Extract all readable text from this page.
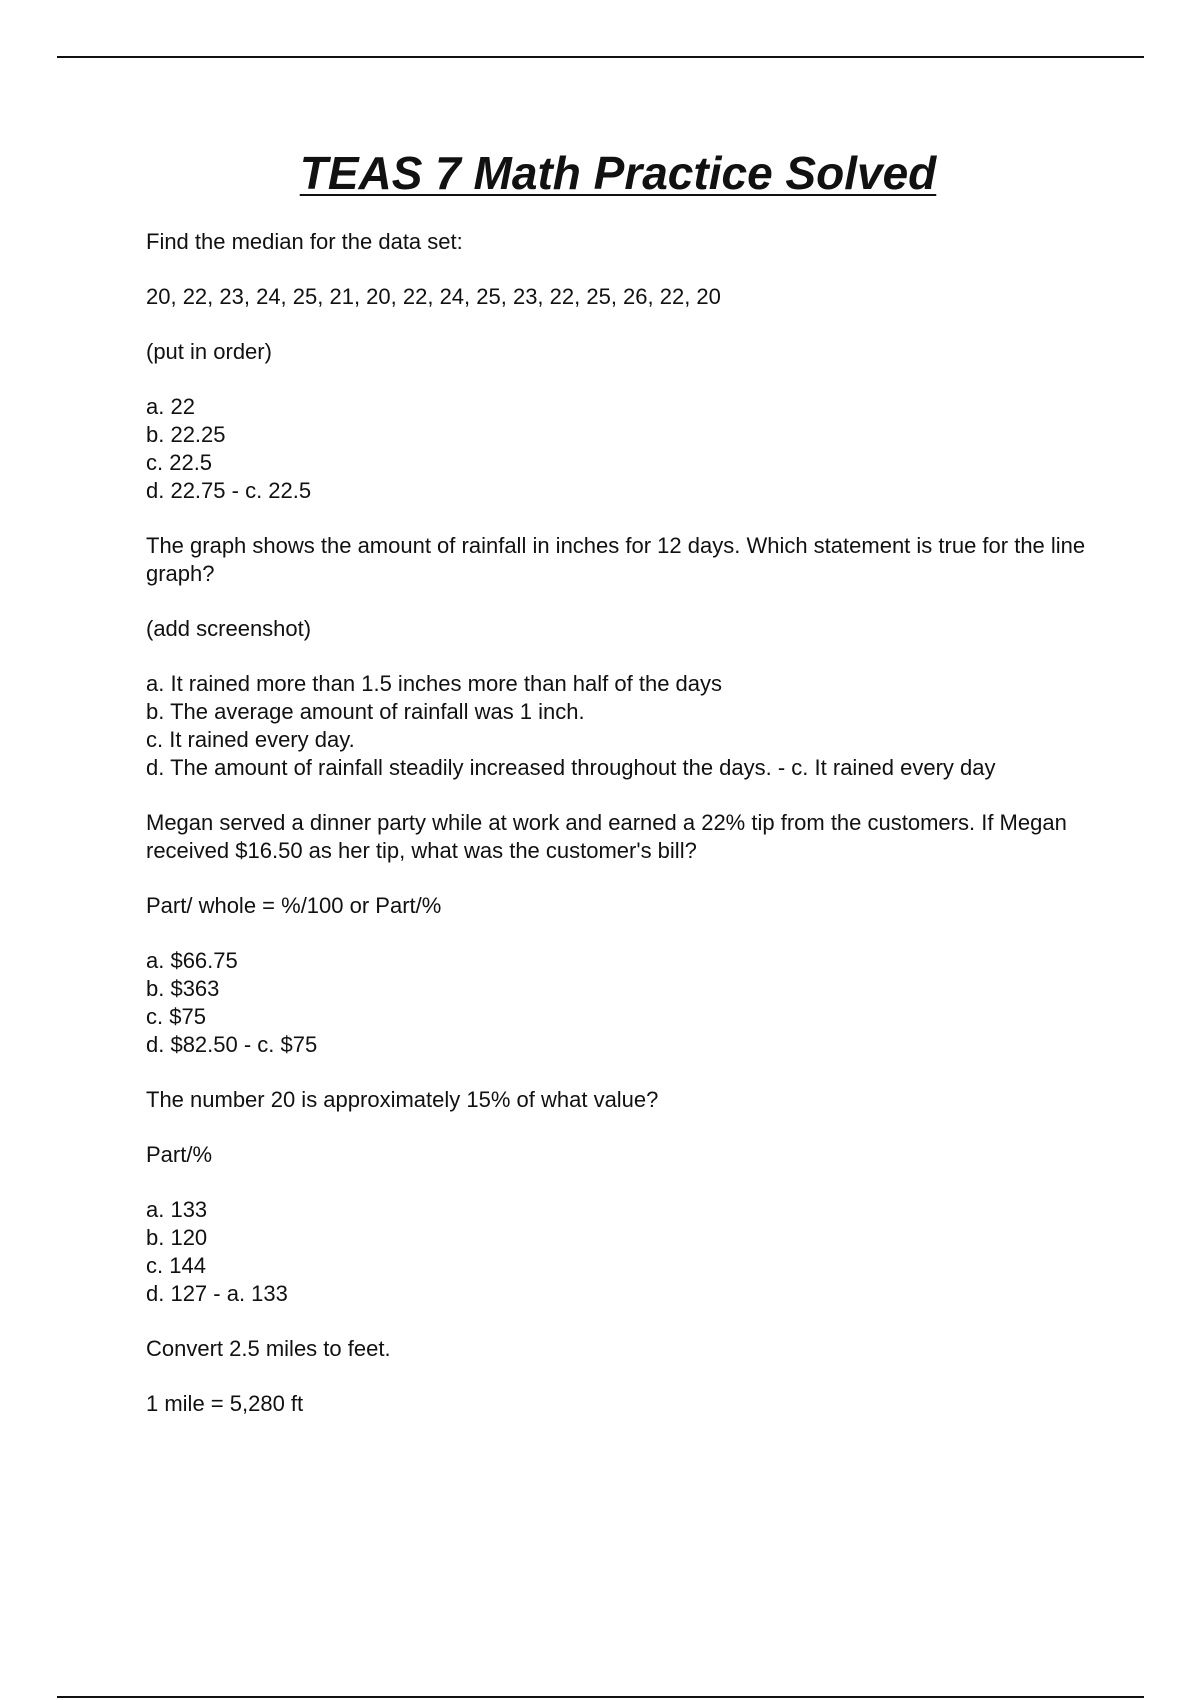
TEAS 7 Math Practice Solved

Find the median for the data set:

20, 22, 23, 24, 25, 21, 20, 22, 24, 25, 23, 22, 25, 26, 22, 20

(put in order)

a. 22
b. 22.25
c. 22.5
d. 22.75 - c. 22.5

The graph shows the amount of rainfall in inches for 12 days. Which statement is true for the line graph?

(add screenshot)

a. It rained more than 1.5 inches more than half of the days
b. The average amount of rainfall was 1 inch.
c. It rained every day.
d. The amount of rainfall steadily increased throughout the days. - c. It rained every day

Megan served a dinner party while at work and earned a 22% tip from the customers. If Megan received $16.50 as her tip, what was the customer's bill?

Part/ whole = %/100 or Part/%

a. $66.75
b. $363
c. $75
d. $82.50 - c. $75

The number 20 is approximately 15% of what value?

Part/%

a. 133
b. 120
c. 144
d. 127 - a. 133

Convert 2.5 miles to feet.

1 mile = 5,280 ft
